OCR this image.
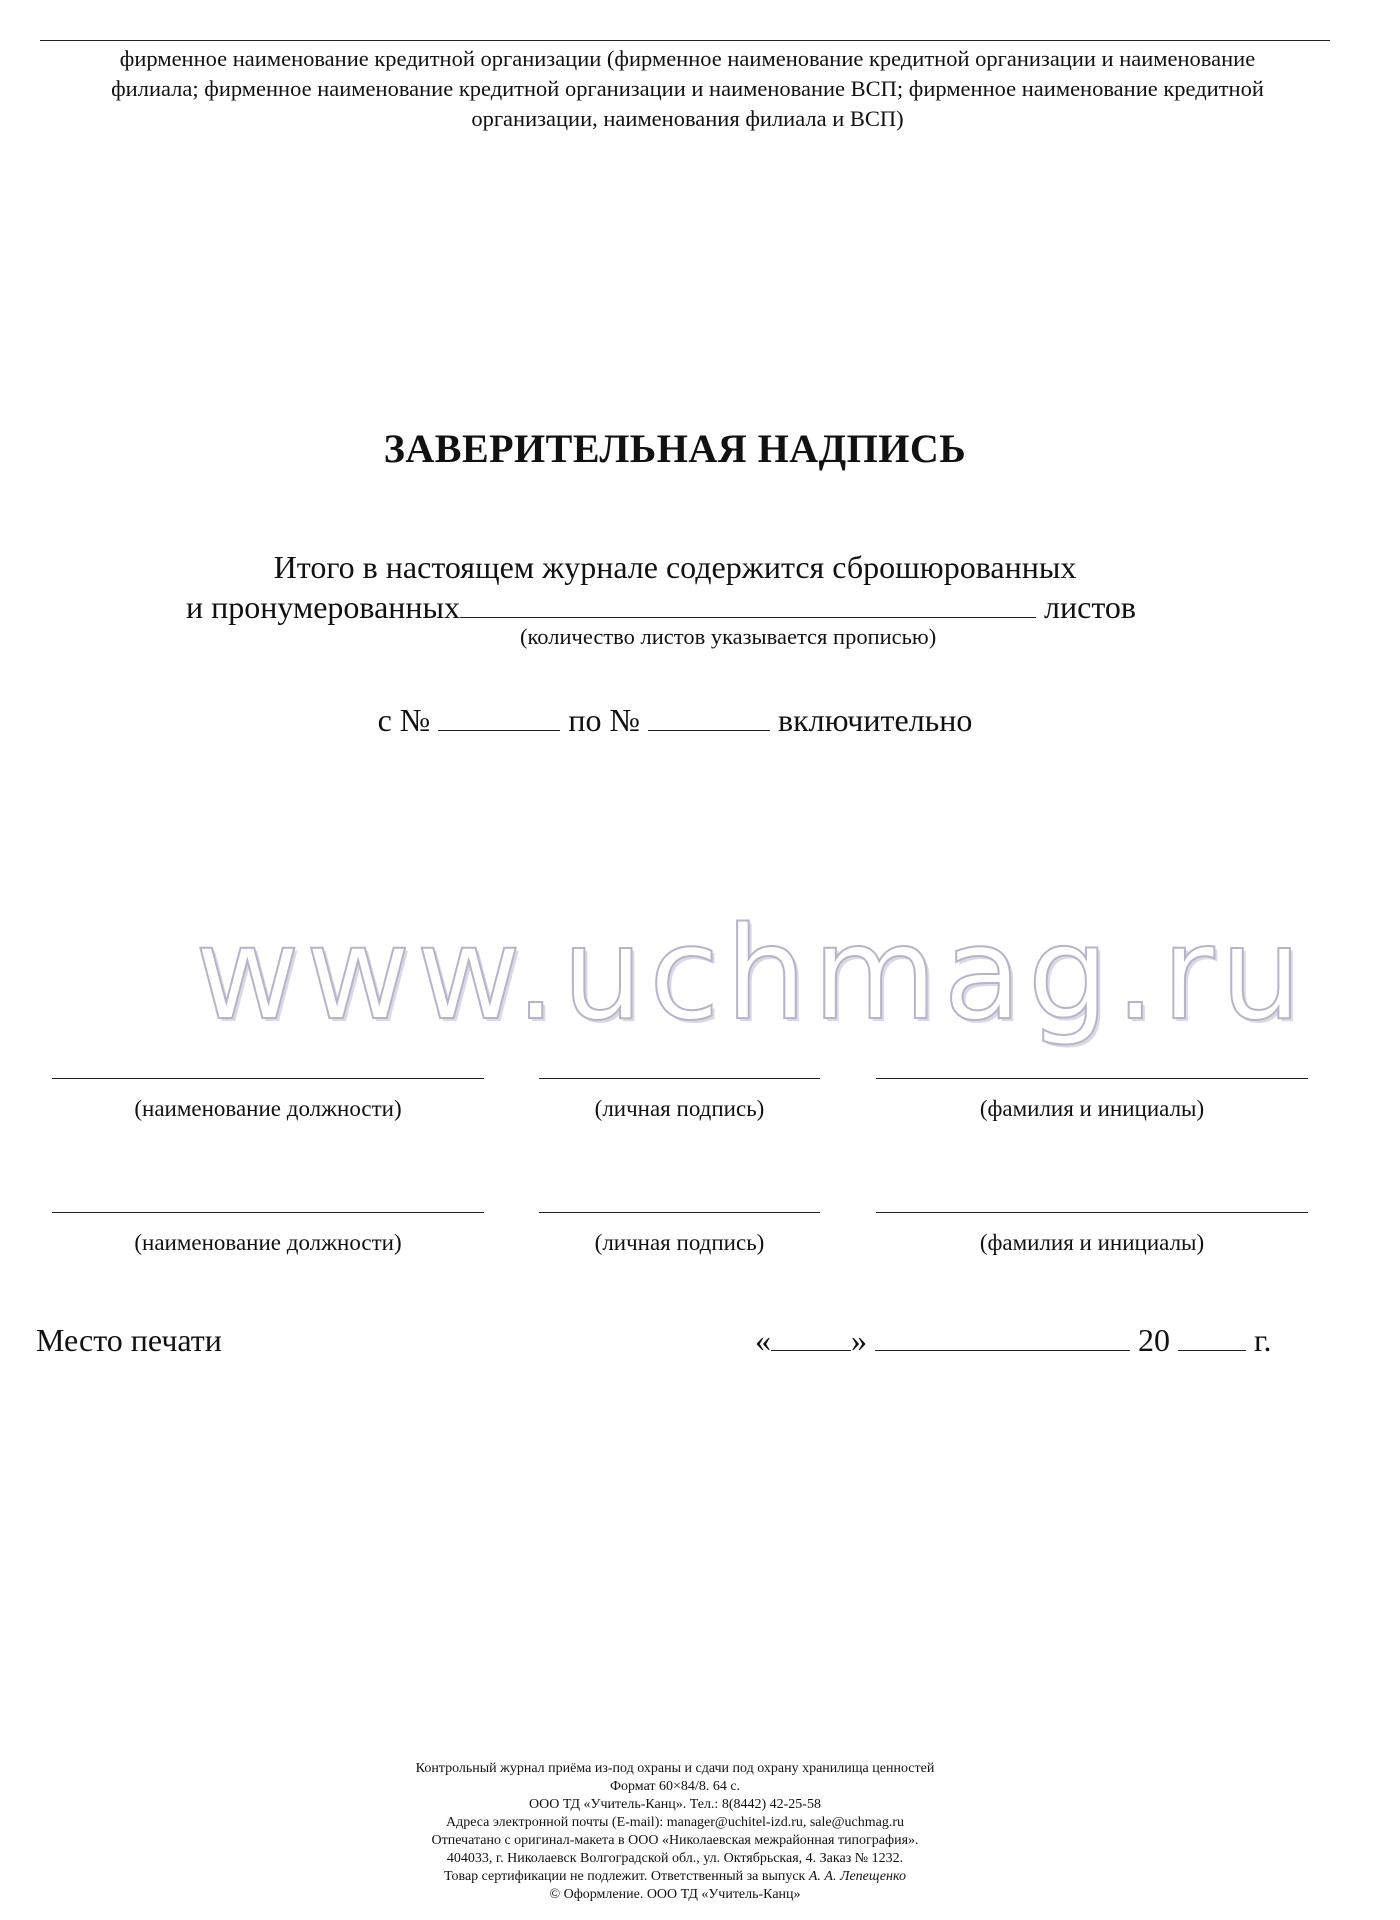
фирменное наименование кредитной организации (фирменное наименование кредитной организации и наименование
филиала; фирменное наименование кредитной организации и наименование ВСП; фирменное наименование кредитной
организации, наименования филиала и ВСП)
ЗАВЕРИТЕЛЬНАЯ НАДПИСЬ
Итого в настоящем журнале содержится сброшюрованных
и пронумерованных	листов
(количество листов указывается прописью)
с №	по №	включительно
www.uchmag.ru
(наименование должности)	(личная подпись)	(фамилия и инициалы)
(наименование должности)	(личная подпись)	(фамилия и инициалы)
Место печати	«	»	20	г.
Контрольный журнал приёма из-под охраны и сдачи под охрану хранилища ценностей
Формат 60×84/8. 64 с.
ООО ТД «Учитель-Канц». Тел.: 8(8442) 42-25-58
Адреса электронной почты (E-mail): manager@uchitel-izd.ru, sale@uchmag.ru
Отпечатано с оригинал-макета в ООО «Николаевская межрайонная типография».
404033, г. Николаевск Волгоградской обл., ул. Октябрьская, 4. Заказ № 1232.
Товар сертификации не подлежит. Ответственный за выпуск А. А. Лепещенко
© Оформление. ООО ТД «Учитель-Канц»
